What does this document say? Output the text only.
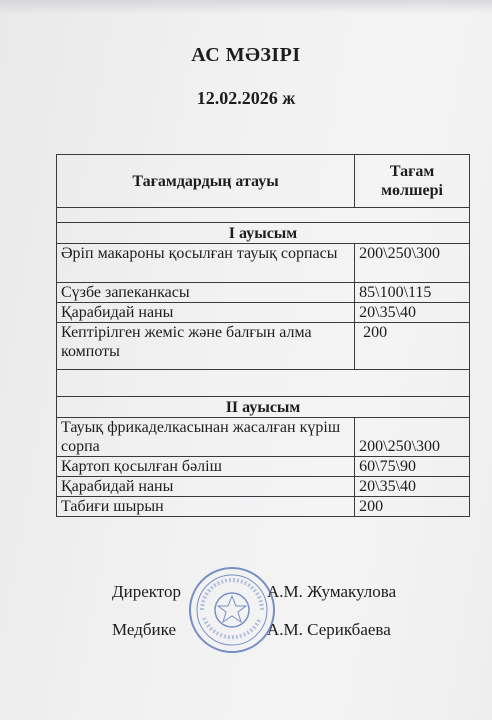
АС МӘЗІРІ
12.02.2026 ж
Тағамдардың атауы	Тағам мөлшері

I ауысым	
Әріп макароны қосылған тауық сорпасы	200\250\300
Сүзбе запеканкасы	85\100\115
Қарабидай наны	20\35\40
Кептірілген жеміс және балғын алма компоты	200

II ауысым	
Тауық фрикаделкасынан жасалған күріш сорпа	200\250\300
Картоп қосылған бәліш	60\75\90
Қарабидай наны	20\35\40
Табиғи шырын	200
Директор	А.М. Жумакулова
Медбике	А.М. Серикбаева
